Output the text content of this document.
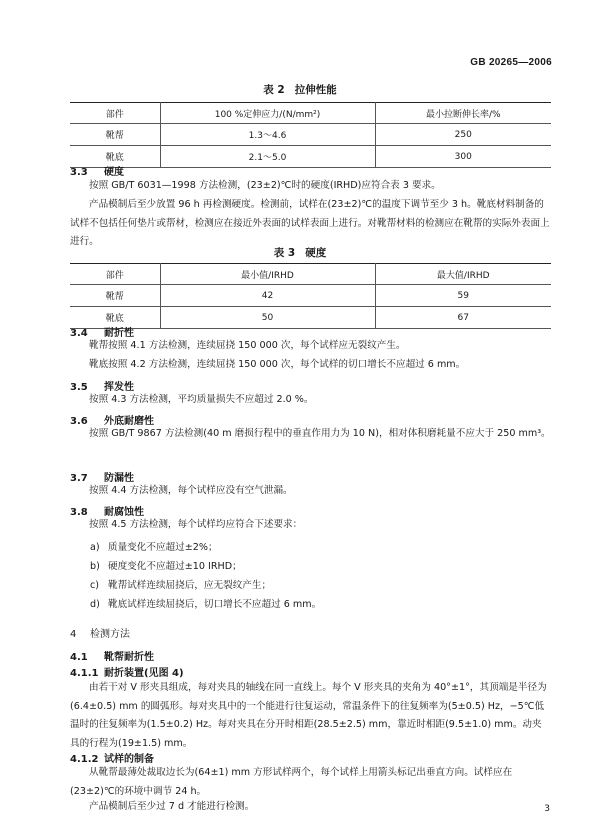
GB 20265—2006
表 2 拉伸性能
部件	100 %定伸应力/(N/mm²)	最小拉断伸长率/%
靴帮	1.3～4.6	250
靴底	2.1～5.0	300
3.3 硬度
按照 GB/T 6031—1998 方法检测，(23±2)℃时的硬度(IRHD)应符合表 3 要求。
产品模制后至少放置 96 h 再检测硬度。检测前，试样在(23±2)℃的温度下调节至少 3 h。靴底材料制备的试样不包括任何垫片或帮材，检测应在接近外表面的试样表面上进行。对靴帮材料的检测应在靴帮的实际外表面上进行。
表 3 硬度
部件	最小值/IRHD	最大值/IRHD
靴帮	42	59
靴底	50	67
3.4 耐折性
靴帮按照 4.1 方法检测，连续屈挠 150 000 次，每个试样应无裂纹产生。
靴底按照 4.2 方法检测，连续屈挠 150 000 次，每个试样的切口增长不应超过 6 mm。
3.5 挥发性
按照 4.3 方法检测，平均质量损失不应超过 2.0 %。
3.6 外底耐磨性
按照 GB/T 9867 方法检测(40 m 磨损行程中的垂直作用力为 10 N)，相对体积磨耗量不应大于 250 mm³。
3.7 防漏性
按照 4.4 方法检测，每个试样应没有空气泄漏。
3.8 耐腐蚀性
按照 4.5 方法检测，每个试样均应符合下述要求：
a) 质量变化不应超过±2%；
b) 硬度变化不应超过±10 IRHD；
c) 靴帮试样连续屈挠后，应无裂纹产生；
d) 靴底试样连续屈挠后，切口增长不应超过 6 mm。
4 检测方法
4.1 靴帮耐折性
4.1.1 耐折装置(见图 4)
由若干对 V 形夹具组成，每对夹具的轴线在同一直线上。每个 V 形夹具的夹角为 40°±1°，其顶端是半径为(6.4±0.5) mm 的圆弧形。每对夹具中的一个能进行往复运动，常温条件下的往复频率为(5±0.5) Hz，−5℃低温时的往复频率为(1.5±0.2) Hz。每对夹具在分开时相距(28.5±2.5) mm，靠近时相距(9.5±1.0) mm。动夹具的行程为(19±1.5) mm。
4.1.2 试样的制备
从靴帮最薄处裁取边长为(64±1) mm 方形试样两个，每个试样上用箭头标记出垂直方向。试样应在(23±2)℃的环境中调节 24 h。
产品模制后至少过 7 d 才能进行检测。	3
